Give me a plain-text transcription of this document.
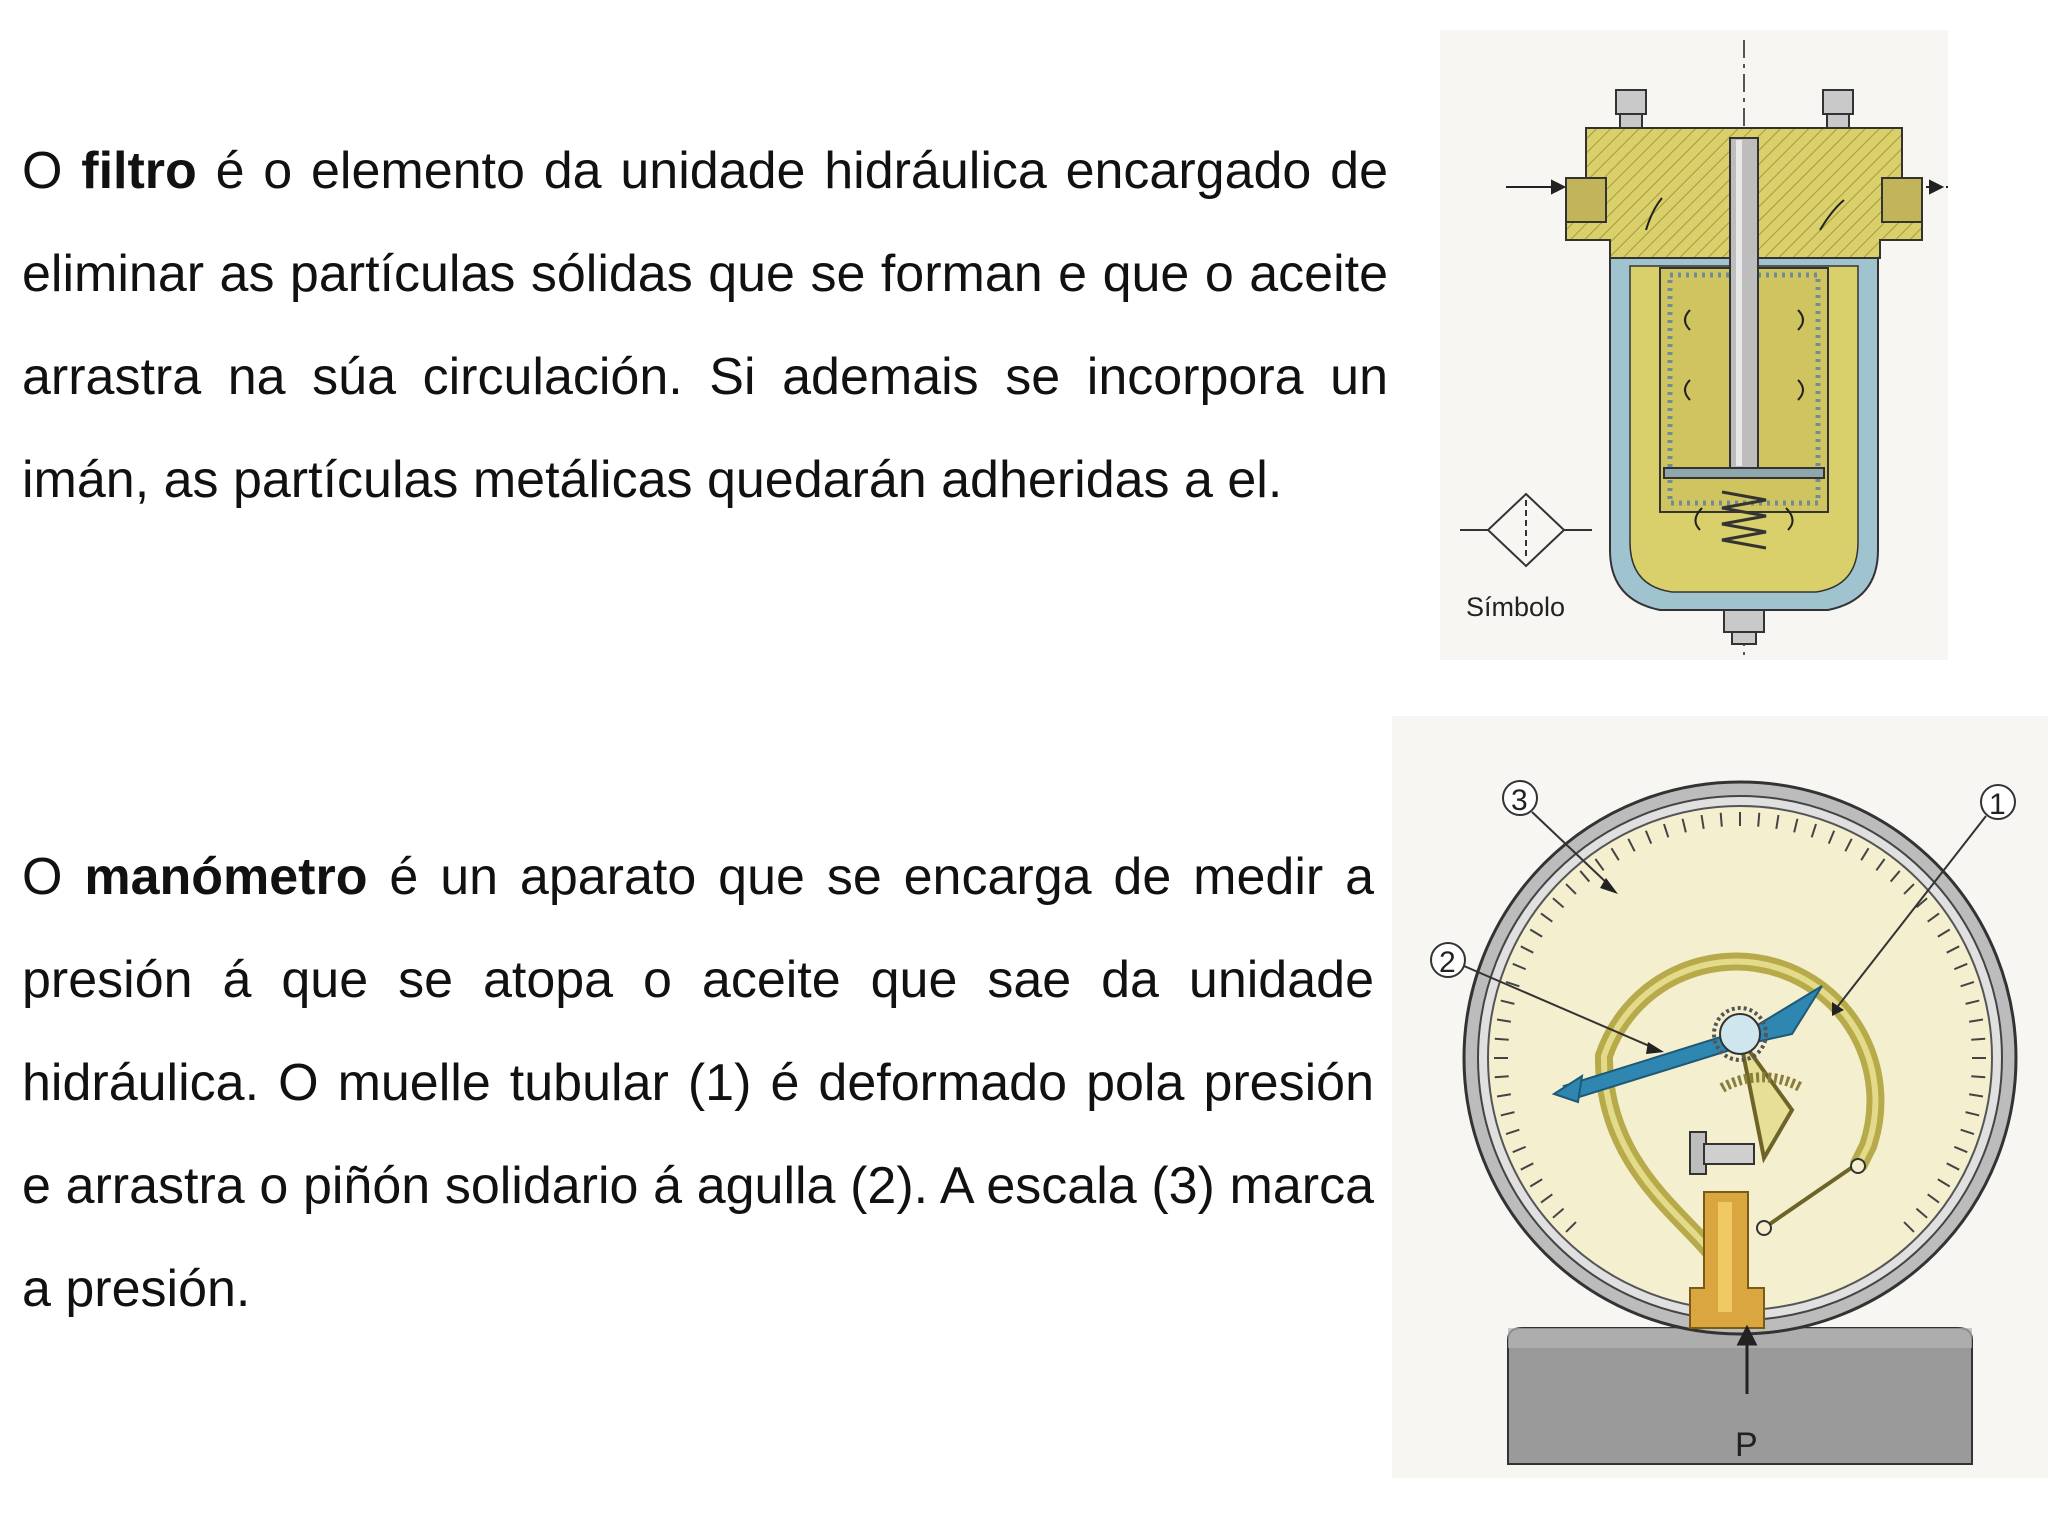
O filtro é o elemento da unidade hidráulica encargado de eliminar as partículas sólidas que se forman e que o aceite arrastra na súa circulación. Si ademais se incorpora un imán, as partículas metálicas quedarán adheridas a el.

O manómetro é un aparato que se encarga de medir a presión á que se atopa o aceite que sae da unidade hidráulica. O muelle tubular (1) é deformado pola presión e arrastra o piñón solidario á agulla (2). A escala (3) marca a presión.

Símbolo
P
3	1
2
